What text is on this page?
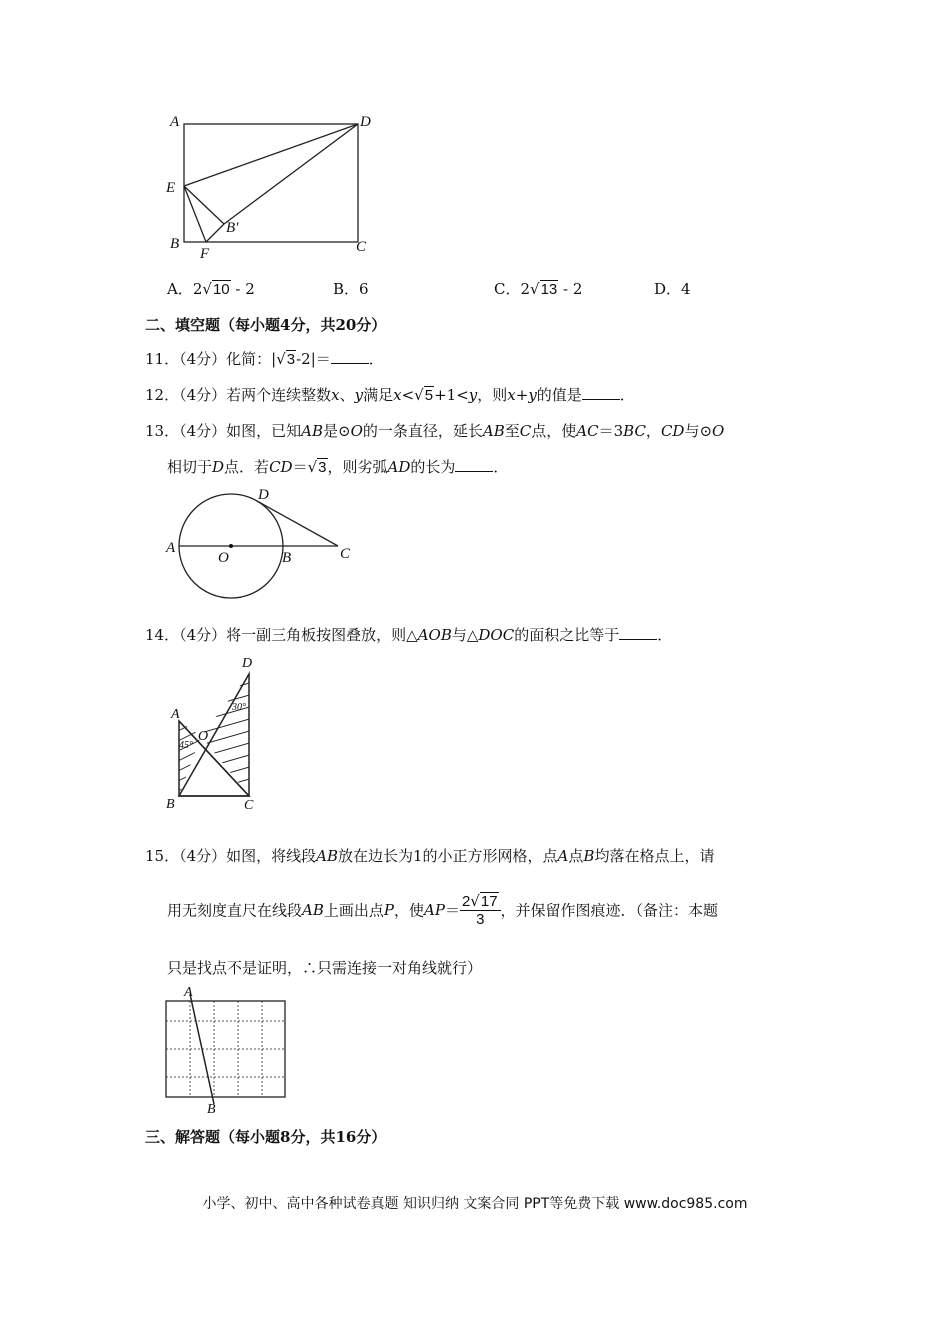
A	D
E
B
F
B′
C
A．2√10 - 2	B．6	C．2√13 - 2	D．4
二、填空题（每小题4分，共20分）
11．（4分）化简：|√3-2|＝	．
12．（4分）若两个连续整数x、y满足x<√5+1<y，则x+y的值是	．
13．（4分）如图，已知AB是⊙O的一条直径，延长AB至C点，使AC＝3BC，CD与⊙O
相切于D点．若CD＝√3，则劣弧AD的长为	．
A
O	B	C
D
14．（4分）将一副三角板按图叠放，则△AOB与△DOC的面积之比等于	．
A
D
O
B	C
45°
30°
15．（4分）如图，将线段AB放在边长为1的小正方形网格，点A点B均落在格点上，请
用无刻度直尺在线段AB上画出点P，使$AP= \frac{2√17}{3}$ ，并保留作图痕迹．（备注：本题
只是找点不是证明，∴只需连接一对角线就行）
A
B
三、解答题（每小题8分，共16分）
小学、初中、高中各种试卷真题 知识归纳 文案合同 PPT等免费下载 www.doc985.com
